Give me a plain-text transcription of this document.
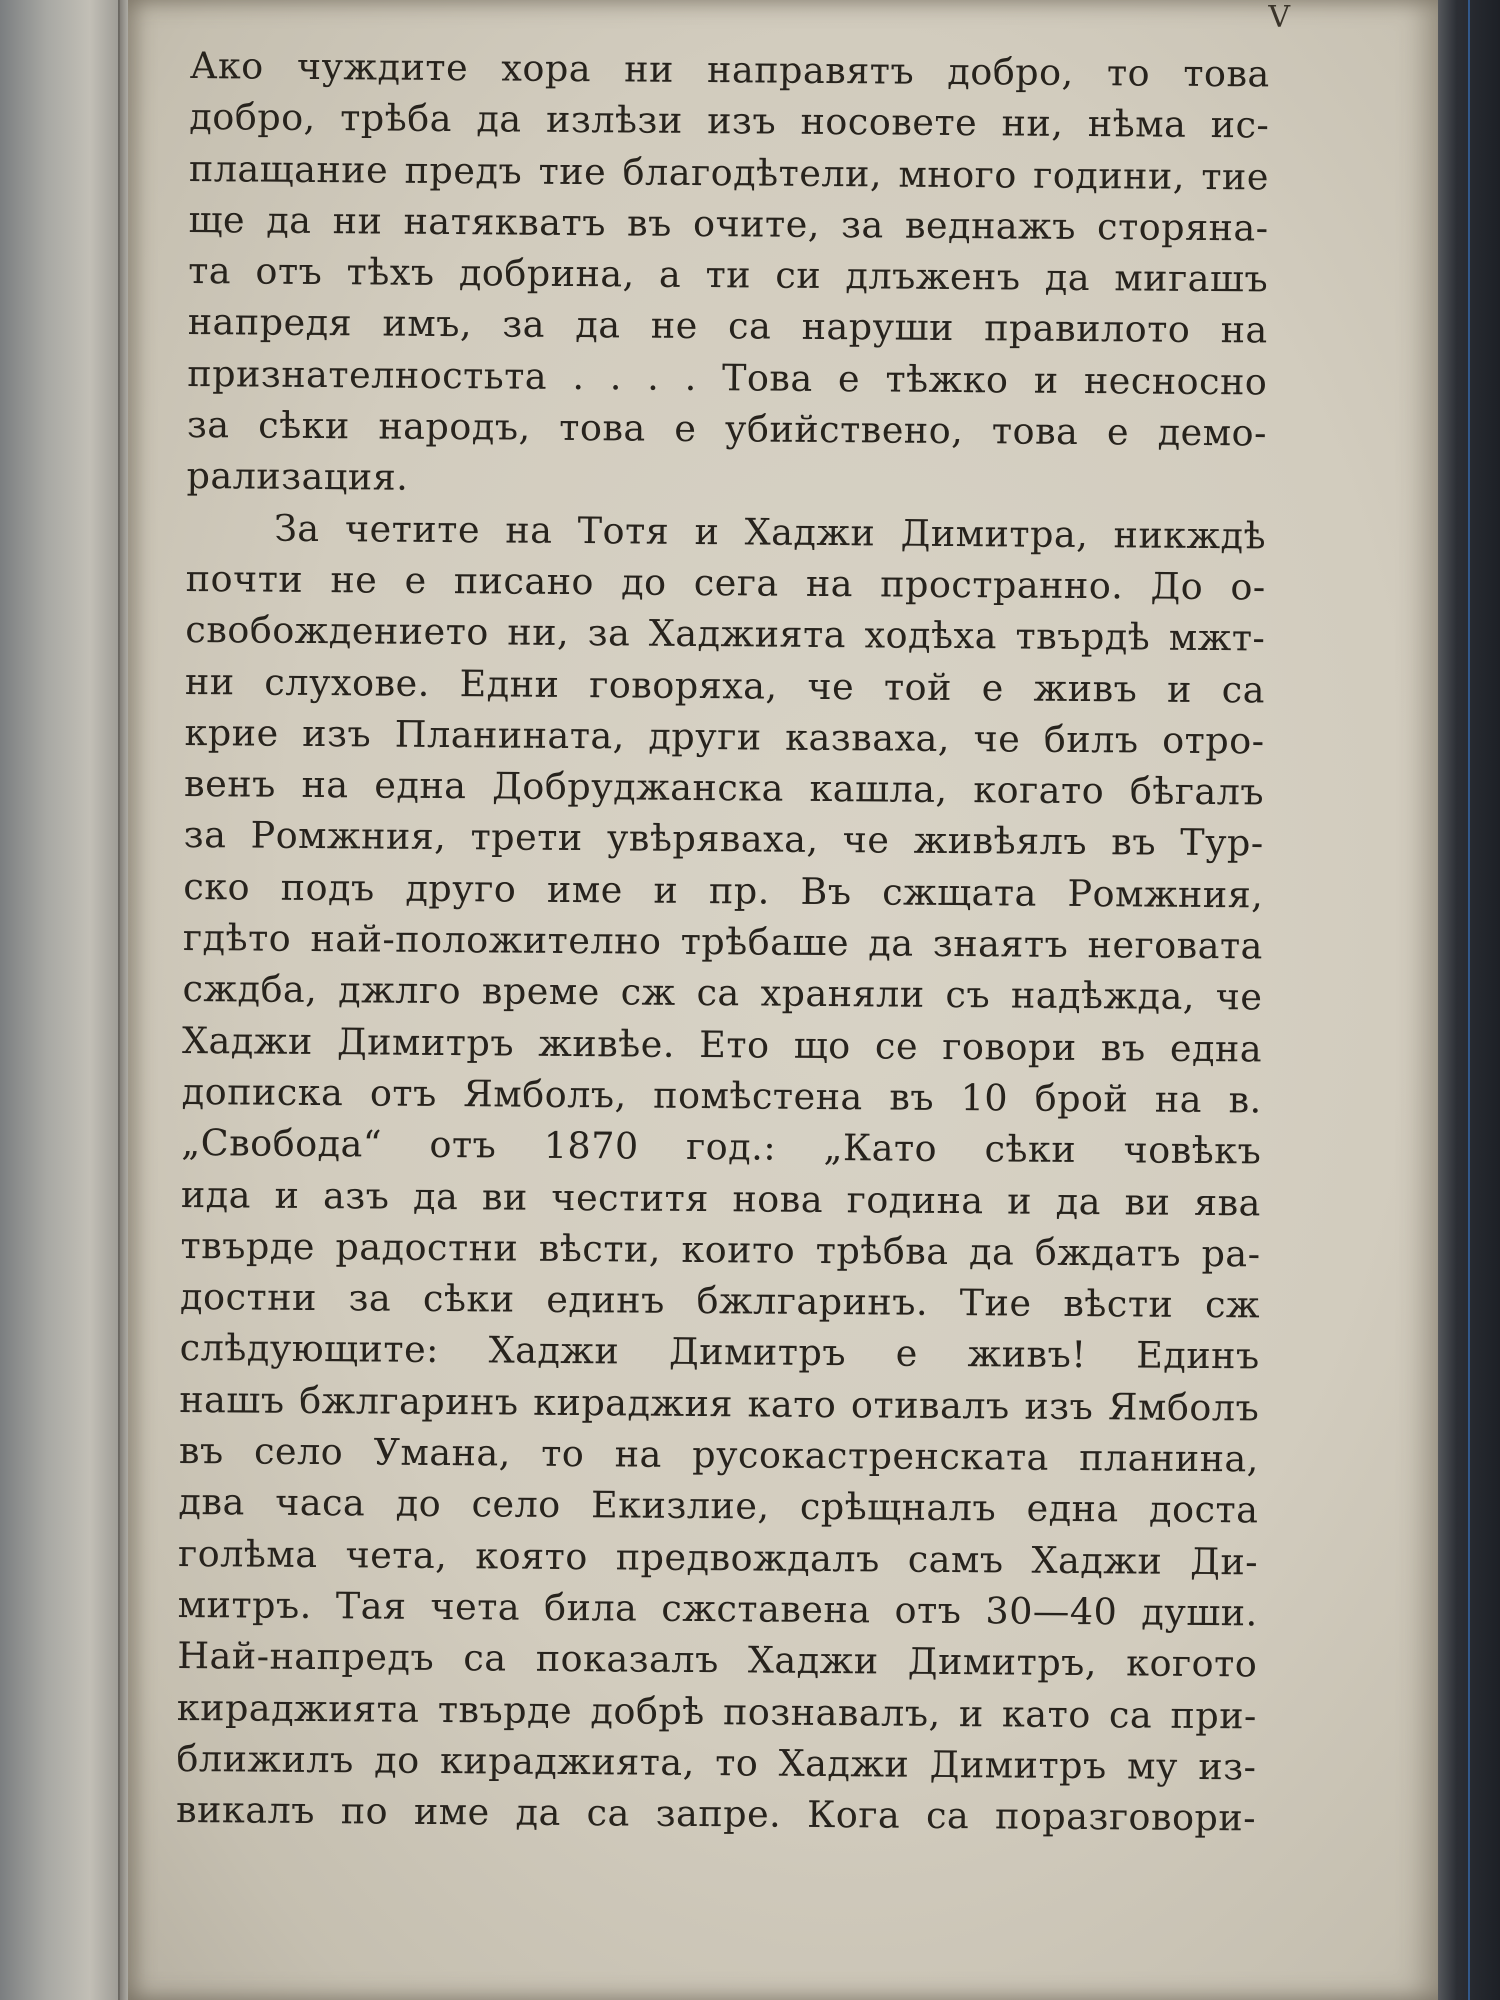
V
Ако чуждите хора ни направятъ добро, то това
добро, трѣба да излѣзи изъ носовете ни, нѣма ис-
плащание предъ тие благодѣтели, много години, тие
ще да ни натякватъ въ очите, за веднажъ сторяна-
та отъ тѣхъ добрина, а ти си длъженъ да мигашъ
напредя имъ, за да не са наруши правилото на
признателностьта . . . . Това е тѣжко и несносно
за сѣки народъ, това е убийствено, това е демо-
рализация.
За четите на Тотя и Хаджи Димитра, никждѣ
почти не е писано до сега на пространно. До о-
свобождението ни, за Хаджията ходѣха твърдѣ мжт-
ни слухове. Едни говоряха, че той е живъ и са
крие изъ Планината, други казваха, че билъ отро-
венъ на една Добруджанска кашла, когато бѣгалъ
за Ромжния, трети увѣряваха, че живѣялъ въ Тур-
ско подъ друго име и пр. Въ сжщата Ромжния,
гдѣто най-положително трѣбаше да знаятъ неговата
сждба, джлго време сж са храняли съ надѣжда, че
Хаджи Димитръ живѣе. Ето що се говори въ една
дописка отъ Ямболъ, помѣстена въ 10 брой на в.
„Свобода“ отъ 1870 год.: „Като сѣки човѣкъ
ида и азъ да ви честитя нова година и да ви ява
твърде радостни вѣсти, които трѣбва да бждатъ ра-
достни за сѣки единъ бжлгаринъ. Тие вѣсти сж
слѣдующите: Хаджи Димитръ е живъ! Единъ
нашъ бжлгаринъ кираджия като отивалъ изъ Ямболъ
въ село Умана, то на русокастренската планина,
два часа до село Екизлие, срѣщналъ една доста
голѣма чета, която предвождалъ самъ Хаджи Ди-
митръ. Тая чета била сжставена отъ 30—40 души.
Най-напредъ са показалъ Хаджи Димитръ, когото
кираджията твърде добрѣ познавалъ, и като са при-
ближилъ до кираджията, то Хаджи Димитръ му из-
викалъ по име да са запре. Кога са поразговори-
